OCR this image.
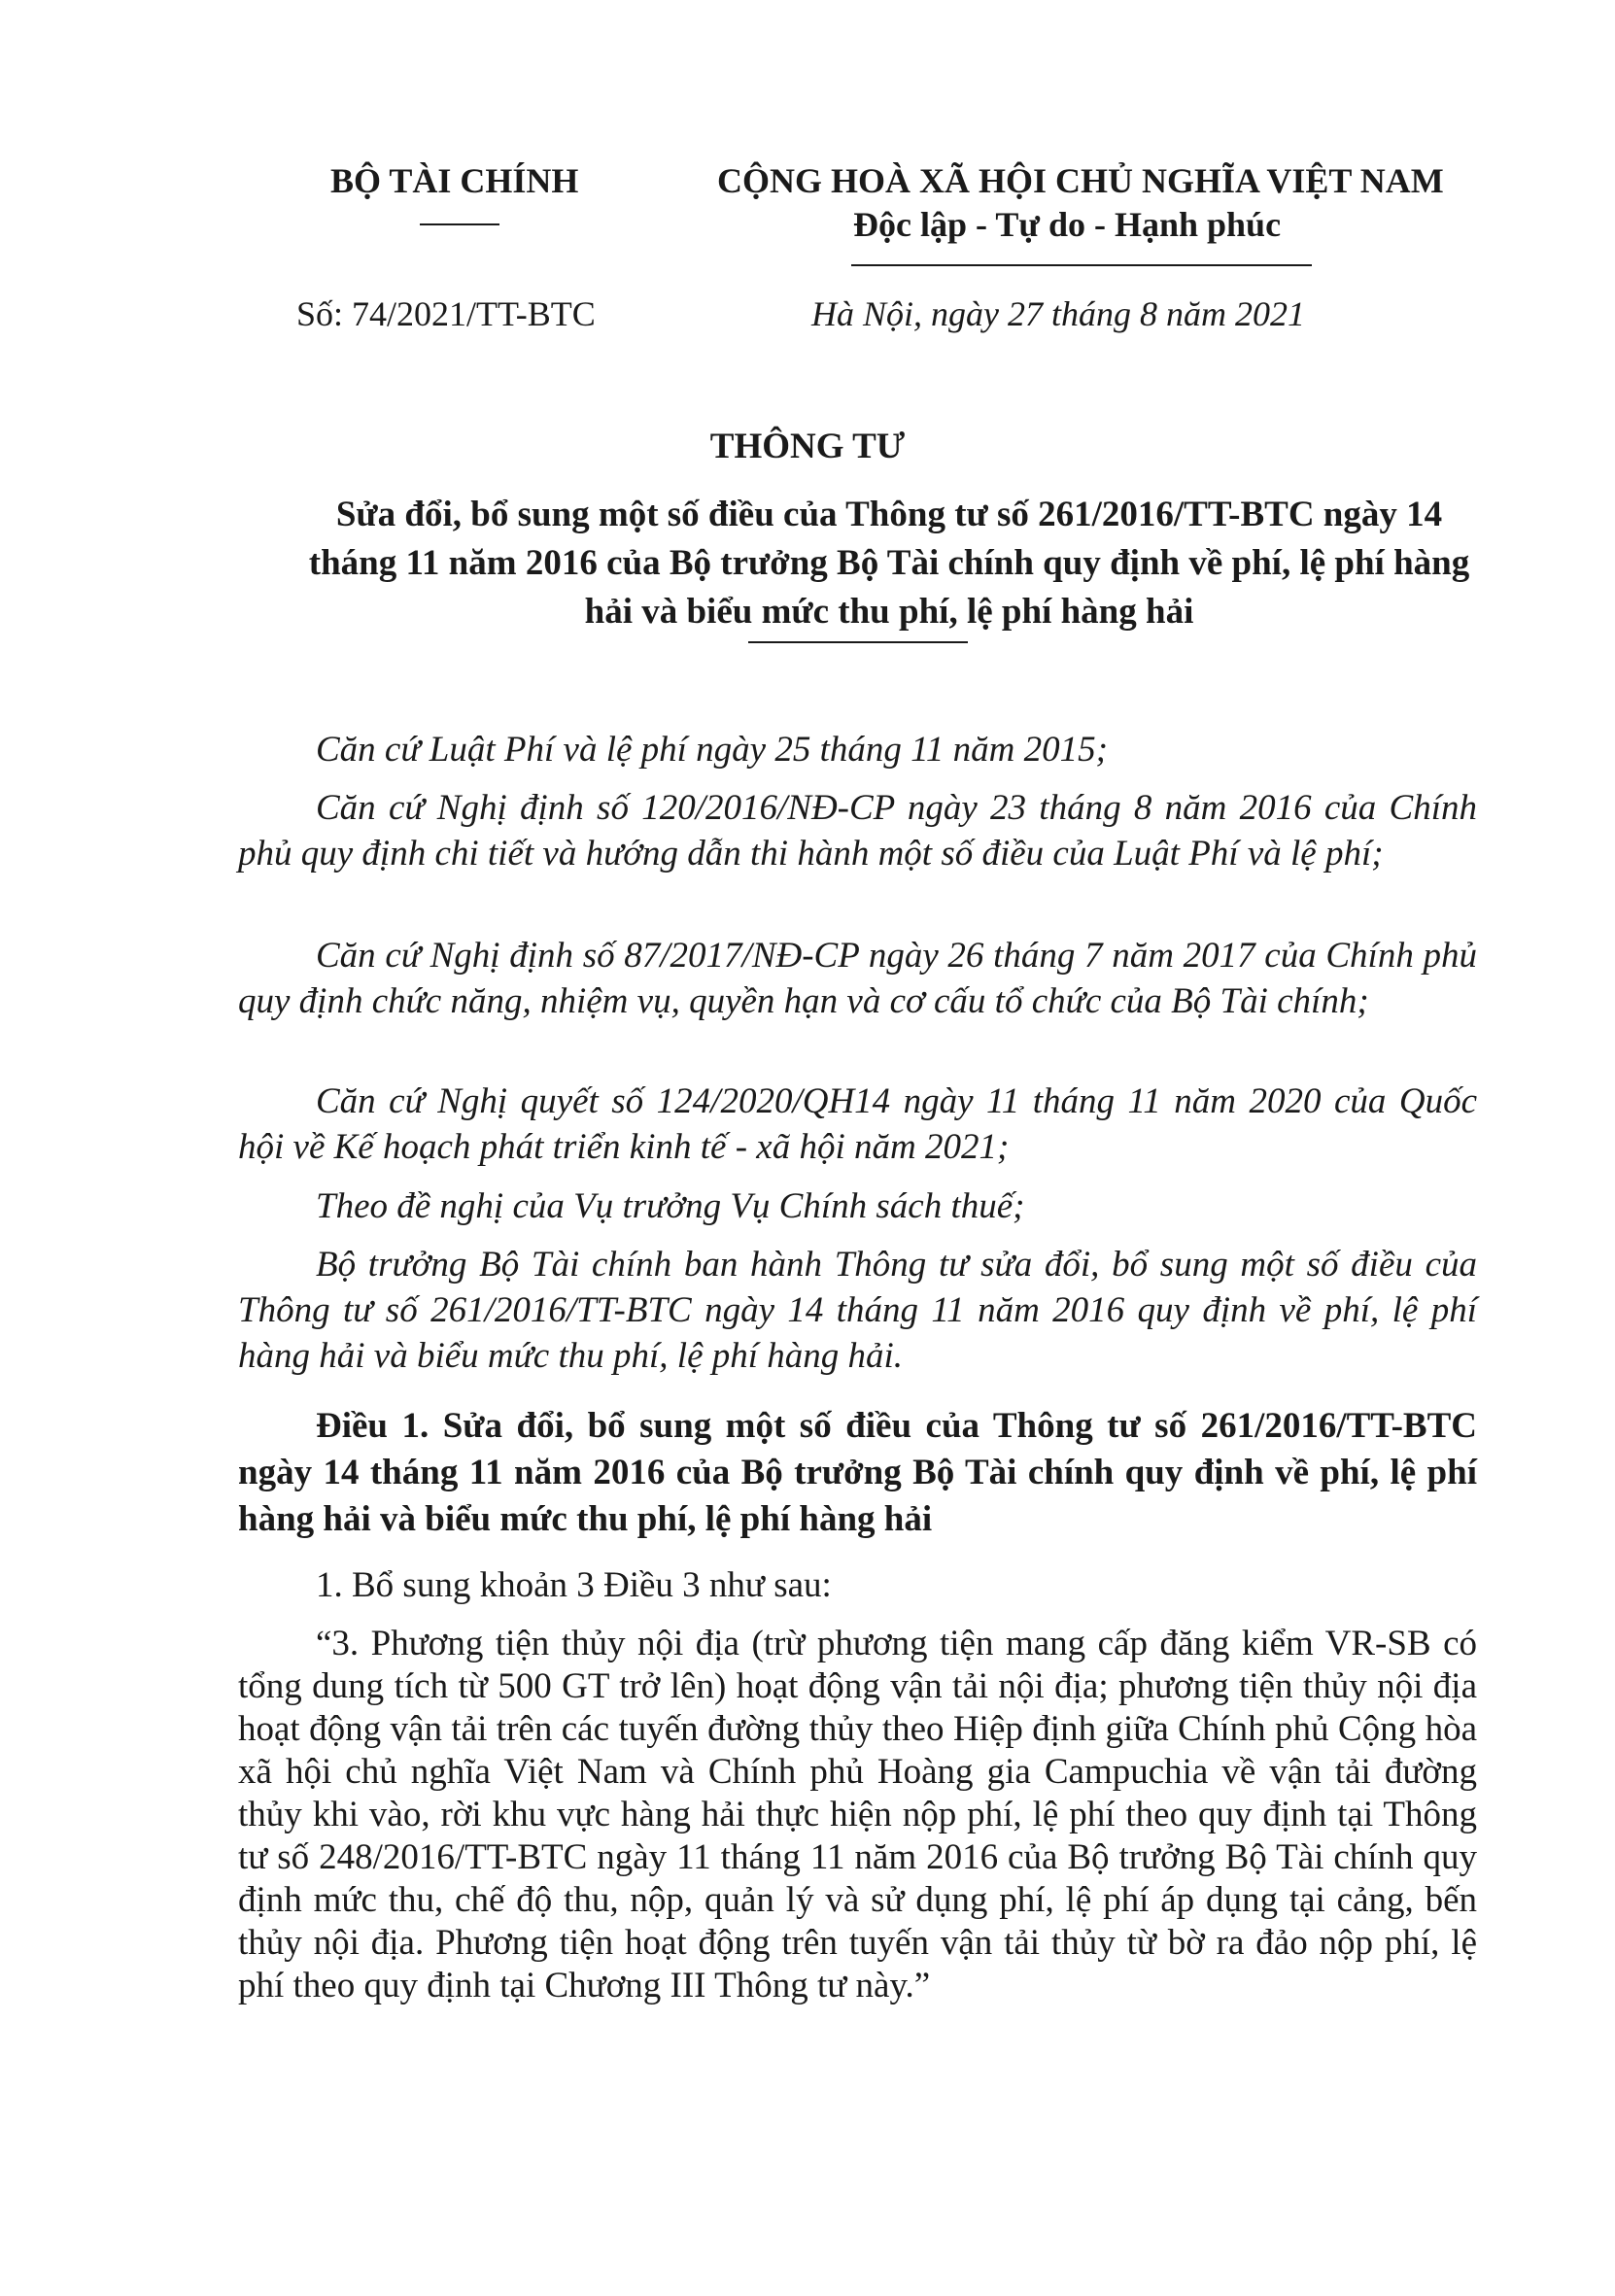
BỘ TÀI CHÍNH
Số: 74/2021/TT-BTC
CỘNG HOÀ XÃ HỘI CHỦ NGHĨA VIỆT NAM
Độc lập - Tự do - Hạnh phúc
Hà Nội, ngày 27 tháng 8 năm 2021
THÔNG TƯ
Sửa đổi, bổ sung một số điều của Thông tư số 261/2016/TT-BTC ngày 14 tháng 11 năm 2016 của Bộ trưởng Bộ Tài chính quy định về phí, lệ phí hàng hải và biểu mức thu phí, lệ phí hàng hải
Căn cứ Luật Phí và lệ phí ngày 25 tháng 11 năm 2015;
Căn cứ Nghị định số 120/2016/NĐ-CP ngày 23 tháng 8 năm 2016 của Chính phủ quy định chi tiết và hướng dẫn thi hành một số điều của Luật Phí và lệ phí;
Căn cứ Nghị định số 87/2017/NĐ-CP ngày 26 tháng 7 năm 2017 của Chính phủ quy định chức năng, nhiệm vụ, quyền hạn và cơ cấu tổ chức của Bộ Tài chính;
Căn cứ Nghị quyết số 124/2020/QH14 ngày 11 tháng 11 năm 2020 của Quốc hội về Kế hoạch phát triển kinh tế - xã hội năm 2021;
Theo đề nghị của Vụ trưởng Vụ Chính sách thuế;
Bộ trưởng Bộ Tài chính ban hành Thông tư sửa đổi, bổ sung một số điều của Thông tư số 261/2016/TT-BTC ngày 14 tháng 11 năm 2016 quy định về phí, lệ phí hàng hải và biểu mức thu phí, lệ phí hàng hải.
Điều 1. Sửa đổi, bổ sung một số điều của Thông tư số 261/2016/TT-BTC ngày 14 tháng 11 năm 2016 của Bộ trưởng Bộ Tài chính quy định về phí, lệ phí hàng hải và biểu mức thu phí, lệ phí hàng hải
1. Bổ sung khoản 3 Điều 3 như sau:
“3. Phương tiện thủy nội địa (trừ phương tiện mang cấp đăng kiểm VR-SB có tổng dung tích từ 500 GT trở lên) hoạt động vận tải nội địa; phương tiện thủy nội địa hoạt động vận tải trên các tuyến đường thủy theo Hiệp định giữa Chính phủ Cộng hòa xã hội chủ nghĩa Việt Nam và Chính phủ Hoàng gia Campuchia về vận tải đường thủy khi vào, rời khu vực hàng hải thực hiện nộp phí, lệ phí theo quy định tại Thông tư số 248/2016/TT-BTC ngày 11 tháng 11 năm 2016 của Bộ trưởng Bộ Tài chính quy định mức thu, chế độ thu, nộp, quản lý và sử dụng phí, lệ phí áp dụng tại cảng, bến thủy nội địa. Phương tiện hoạt động trên tuyến vận tải thủy từ bờ ra đảo nộp phí, lệ phí theo quy định tại Chương III Thông tư này.”
